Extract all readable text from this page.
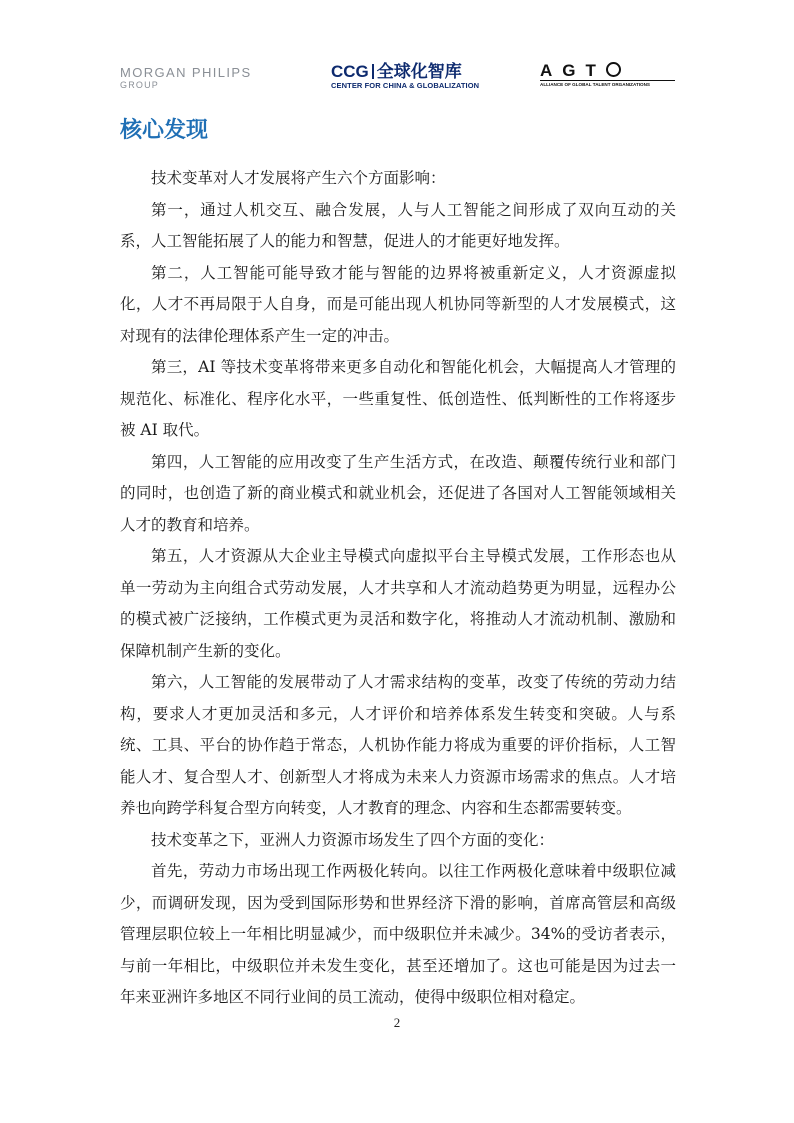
MORGAN PHILIPS
GROUP
CCG 全球化智库
CENTER FOR CHINA & GLOBALIZATION
AGT
ALLIANCE OF GLOBAL TALENT ORGANIZATIONS
核心发现

技术变革对人才发展将产生六个方面影响：

第一，通过人机交互、融合发展，人与人工智能之间形成了双向互动的关系，人工智能拓展了人的能力和智慧，促进人的才能更好地发挥。

第二，人工智能可能导致才能与智能的边界将被重新定义，人才资源虚拟化，人才不再局限于人自身，而是可能出现人机协同等新型的人才发展模式，这对现有的法律伦理体系产生一定的冲击。

第三，AI 等技术变革将带来更多自动化和智能化机会，大幅提高人才管理的规范化、标准化、程序化水平，一些重复性、低创造性、低判断性的工作将逐步被 AI 取代。

第四，人工智能的应用改变了生产生活方式，在改造、颠覆传统行业和部门的同时，也创造了新的商业模式和就业机会，还促进了各国对人工智能领域相关人才的教育和培养。

第五，人才资源从大企业主导模式向虚拟平台主导模式发展，工作形态也从单一劳动为主向组合式劳动发展，人才共享和人才流动趋势更为明显，远程办公的模式被广泛接纳，工作模式更为灵活和数字化，将推动人才流动机制、激励和保障机制产生新的变化。

第六，人工智能的发展带动了人才需求结构的变革，改变了传统的劳动力结构，要求人才更加灵活和多元，人才评价和培养体系发生转变和突破。人与系统、工具、平台的协作趋于常态，人机协作能力将成为重要的评价指标，人工智能人才、复合型人才、创新型人才将成为未来人力资源市场需求的焦点。人才培养也向跨学科复合型方向转变，人才教育的理念、内容和生态都需要转变。

技术变革之下，亚洲人力资源市场发生了四个方面的变化：

首先，劳动力市场出现工作两极化转向。以往工作两极化意味着中级职位减少，而调研发现，因为受到国际形势和世界经济下滑的影响，首席高管层和高级管理层职位较上一年相比明显减少，而中级职位并未减少。34%的受访者表示，与前一年相比，中级职位并未发生变化，甚至还增加了。这也可能是因为过去一年来亚洲许多地区不同行业间的员工流动，使得中级职位相对稳定。

2
